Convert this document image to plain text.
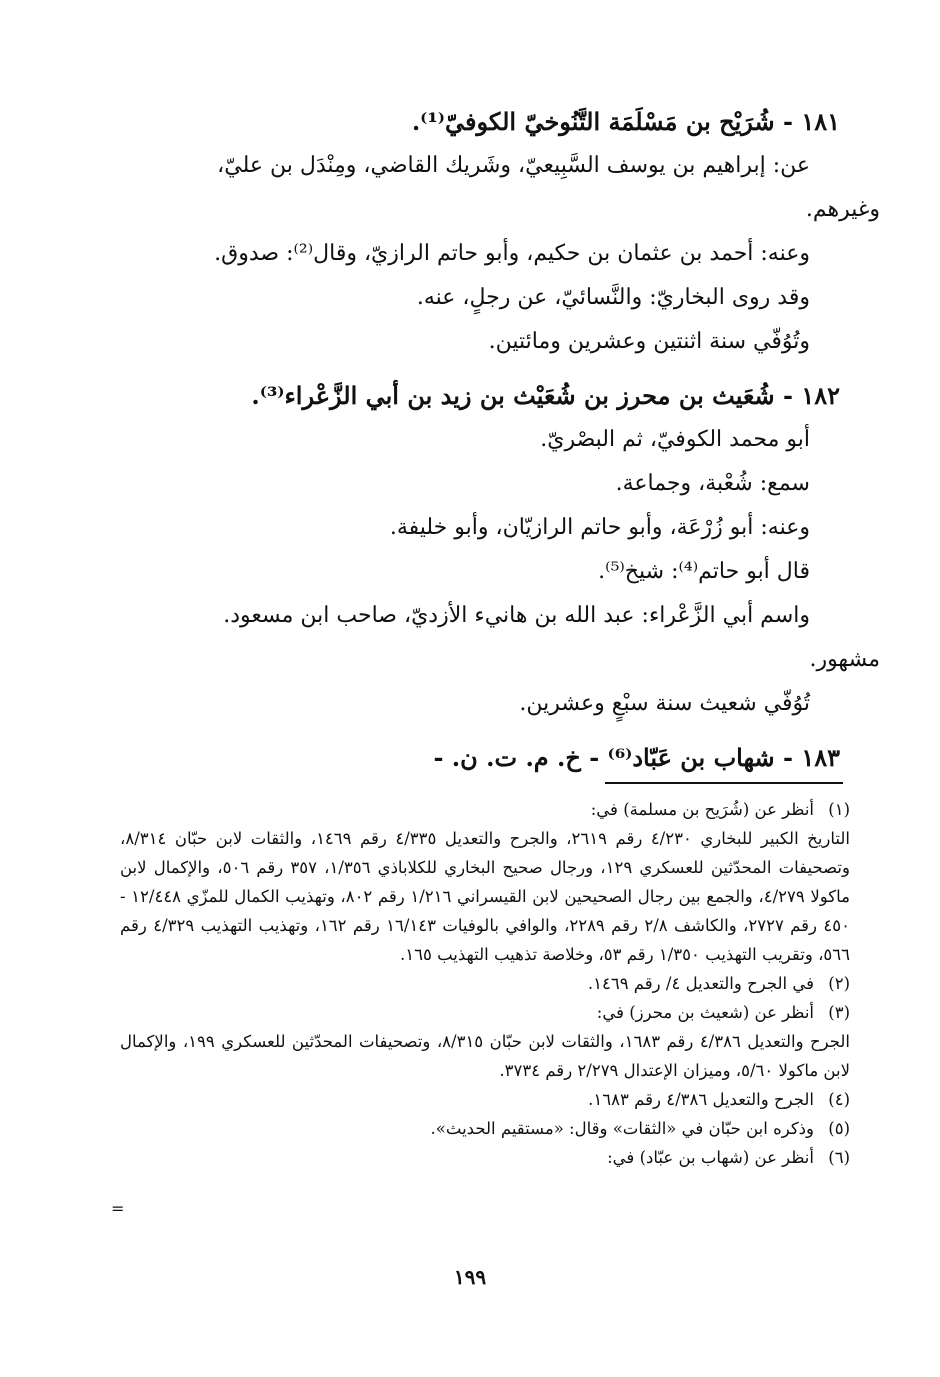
١٨١ - شُرَيْح بن مَسْلَمَة التَّنُوخيّ الكوفيّ⁽¹⁾.
عن: إبراهيم بن يوسف السَّبِيعيّ، وشَريك القاضي، ومِنْدَل بن عليّ،
وغيرهم.
وعنه: أحمد بن عثمان بن حكيم، وأبو حاتم الرازيّ، وقال⁽²⁾: صدوق.
وقد روى البخاريّ: والنَّسائيّ، عن رجلٍ، عنه.
وتُوُفّي سنة اثنتين وعشرين ومائتين.
١٨٢ - شُعَيث بن محرز بن شُعَيْث بن زيد بن أبي الزَّعْراء⁽³⁾.
أبو محمد الكوفيّ، ثم البصْريّ.
سمع: شُعْبة، وجماعة.
وعنه: أبو زُرْعَة، وأبو حاتم الرازيّان، وأبو خليفة.
قال أبو حاتم⁽⁴⁾: شيخ⁽⁵⁾.
واسم أبي الزَّعْراء: عبد الله بن هانيء الأزديّ، صاحب ابن مسعود.
مشهور.
تُوُفّي شعيث سنة سبْعٍ وعشرين.
١٨٣ - شهاب بن عَبّاد⁽⁶⁾ - خ. م. ت. ن. -
(١)
أنظر عن (شُرَيح بن مسلمة) في:
التاريخ الكبير للبخاري ٤/٢٣٠ رقم ٢٦١٩، والجرح والتعديل ٤/٣٣٥ رقم ١٤٦٩، والثقات لابن حبّان ٨/٣١٤، وتصحيفات المحدّثين للعسكري ١٢٩، ورجال صحيح البخاري للكلاباذي ١/٣٥٦، ٣٥٧ رقم ٥٠٦، والإكمال لابن ماكولا ٤/٢٧٩، والجمع بين رجال الصحيحين لابن القيسراني ١/٢١٦ رقم ٨٠٢، وتهذيب الكمال للمزّي ١٢/٤٤٨ - ٤٥٠ رقم ٢٧٢٧، والكاشف ٢/٨ رقم ٢٢٨٩، والوافي بالوفيات ١٦/١٤٣ رقم ١٦٢، وتهذيب التهذيب ٤/٣٢٩ رقم ٥٦٦، وتقريب التهذيب ١/٣٥٠ رقم ٥٣، وخلاصة تذهيب التهذيب ١٦٥.
(٢)
في الجرح والتعديل ٤/ رقم ١٤٦٩.
(٣)
أنظر عن (شعيث بن محرز) في:
الجرح والتعديل ٤/٣٨٦ رقم ١٦٨٣، والثقات لابن حبّان ٨/٣١٥، وتصحيفات المحدّثين للعسكري ١٩٩، والإكمال لابن ماكولا ٥/٦٠، وميزان الإعتدال ٢/٢٧٩ رقم ٣٧٣٤.
(٤)
الجرح والتعديل ٤/٣٨٦ رقم ١٦٨٣.
(٥)
وذكره ابن حبّان في «الثقات» وقال: «مستقيم الحديث».
(٦)
أنظر عن (شهاب بن عبّاد) في:
=
١٩٩
